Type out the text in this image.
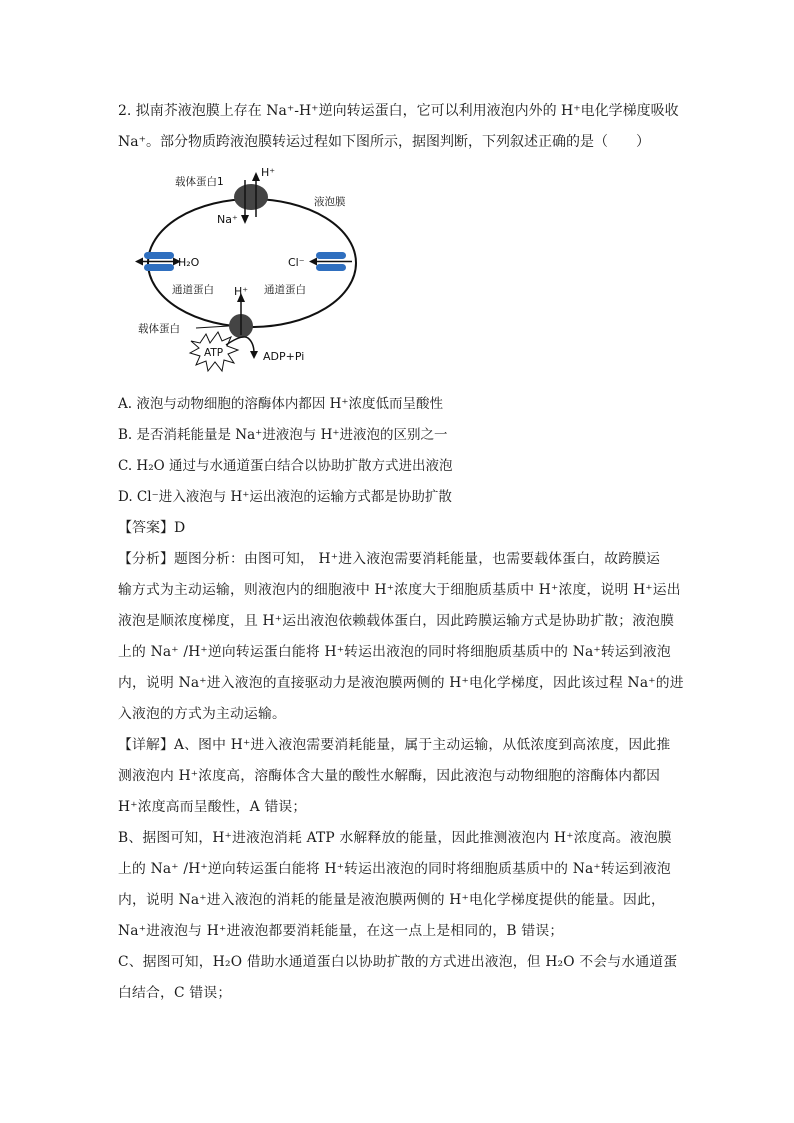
2. 拟南芥液泡膜上存在 Na⁺-H⁺逆向转运蛋白，它可以利用液泡内外的 H⁺电化学梯度吸收
Na⁺。部分物质跨液泡膜转运过程如下图所示，据图判断，下列叙述正确的是（　　）
载体蛋白1
H⁺
Na⁺
液泡膜
H₂O	Cl⁻
通道蛋白	通道蛋白
H⁺
载体蛋白
ATP	ADP+Pi
A. 液泡与动物细胞的溶酶体内都因 H⁺浓度低而呈酸性
B. 是否消耗能量是 Na⁺进液泡与 H⁺进液泡的区别之一
C. H₂O 通过与水通道蛋白结合以协助扩散方式进出液泡
D. Cl⁻进入液泡与 H⁺运出液泡的运输方式都是协助扩散
【答案】D
【分析】题图分析：由图可知， H⁺进入液泡需要消耗能量，也需要载体蛋白，故跨膜运
输方式为主动运输，则液泡内的细胞液中 H⁺浓度大于细胞质基质中 H⁺浓度，说明 H⁺运出
液泡是顺浓度梯度，且 H⁺运出液泡依赖载体蛋白，因此跨膜运输方式是协助扩散；液泡膜
上的 Na⁺ /H⁺逆向转运蛋白能将 H⁺转运出液泡的同时将细胞质基质中的 Na⁺转运到液泡
内，说明 Na⁺进入液泡的直接驱动力是液泡膜两侧的 H⁺电化学梯度，因此该过程 Na⁺的进
入液泡的方式为主动运输。
【详解】A、图中 H⁺进入液泡需要消耗能量，属于主动运输，从低浓度到高浓度，因此推
测液泡内 H⁺浓度高，溶酶体含大量的酸性水解酶，因此液泡与动物细胞的溶酶体内都因
H⁺浓度高而呈酸性，A 错误；
B、据图可知，H⁺进液泡消耗 ATP 水解释放的能量，因此推测液泡内 H⁺浓度高。液泡膜
上的 Na⁺ /H⁺逆向转运蛋白能将 H⁺转运出液泡的同时将细胞质基质中的 Na⁺转运到液泡
内，说明 Na⁺进入液泡的消耗的能量是液泡膜两侧的 H⁺电化学梯度提供的能量。因此，
Na⁺进液泡与 H⁺进液泡都要消耗能量，在这一点上是相同的，B 错误；
C、据图可知，H₂O 借助水通道蛋白以协助扩散的方式进出液泡，但 H₂O 不会与水通道蛋
白结合，C 错误；
